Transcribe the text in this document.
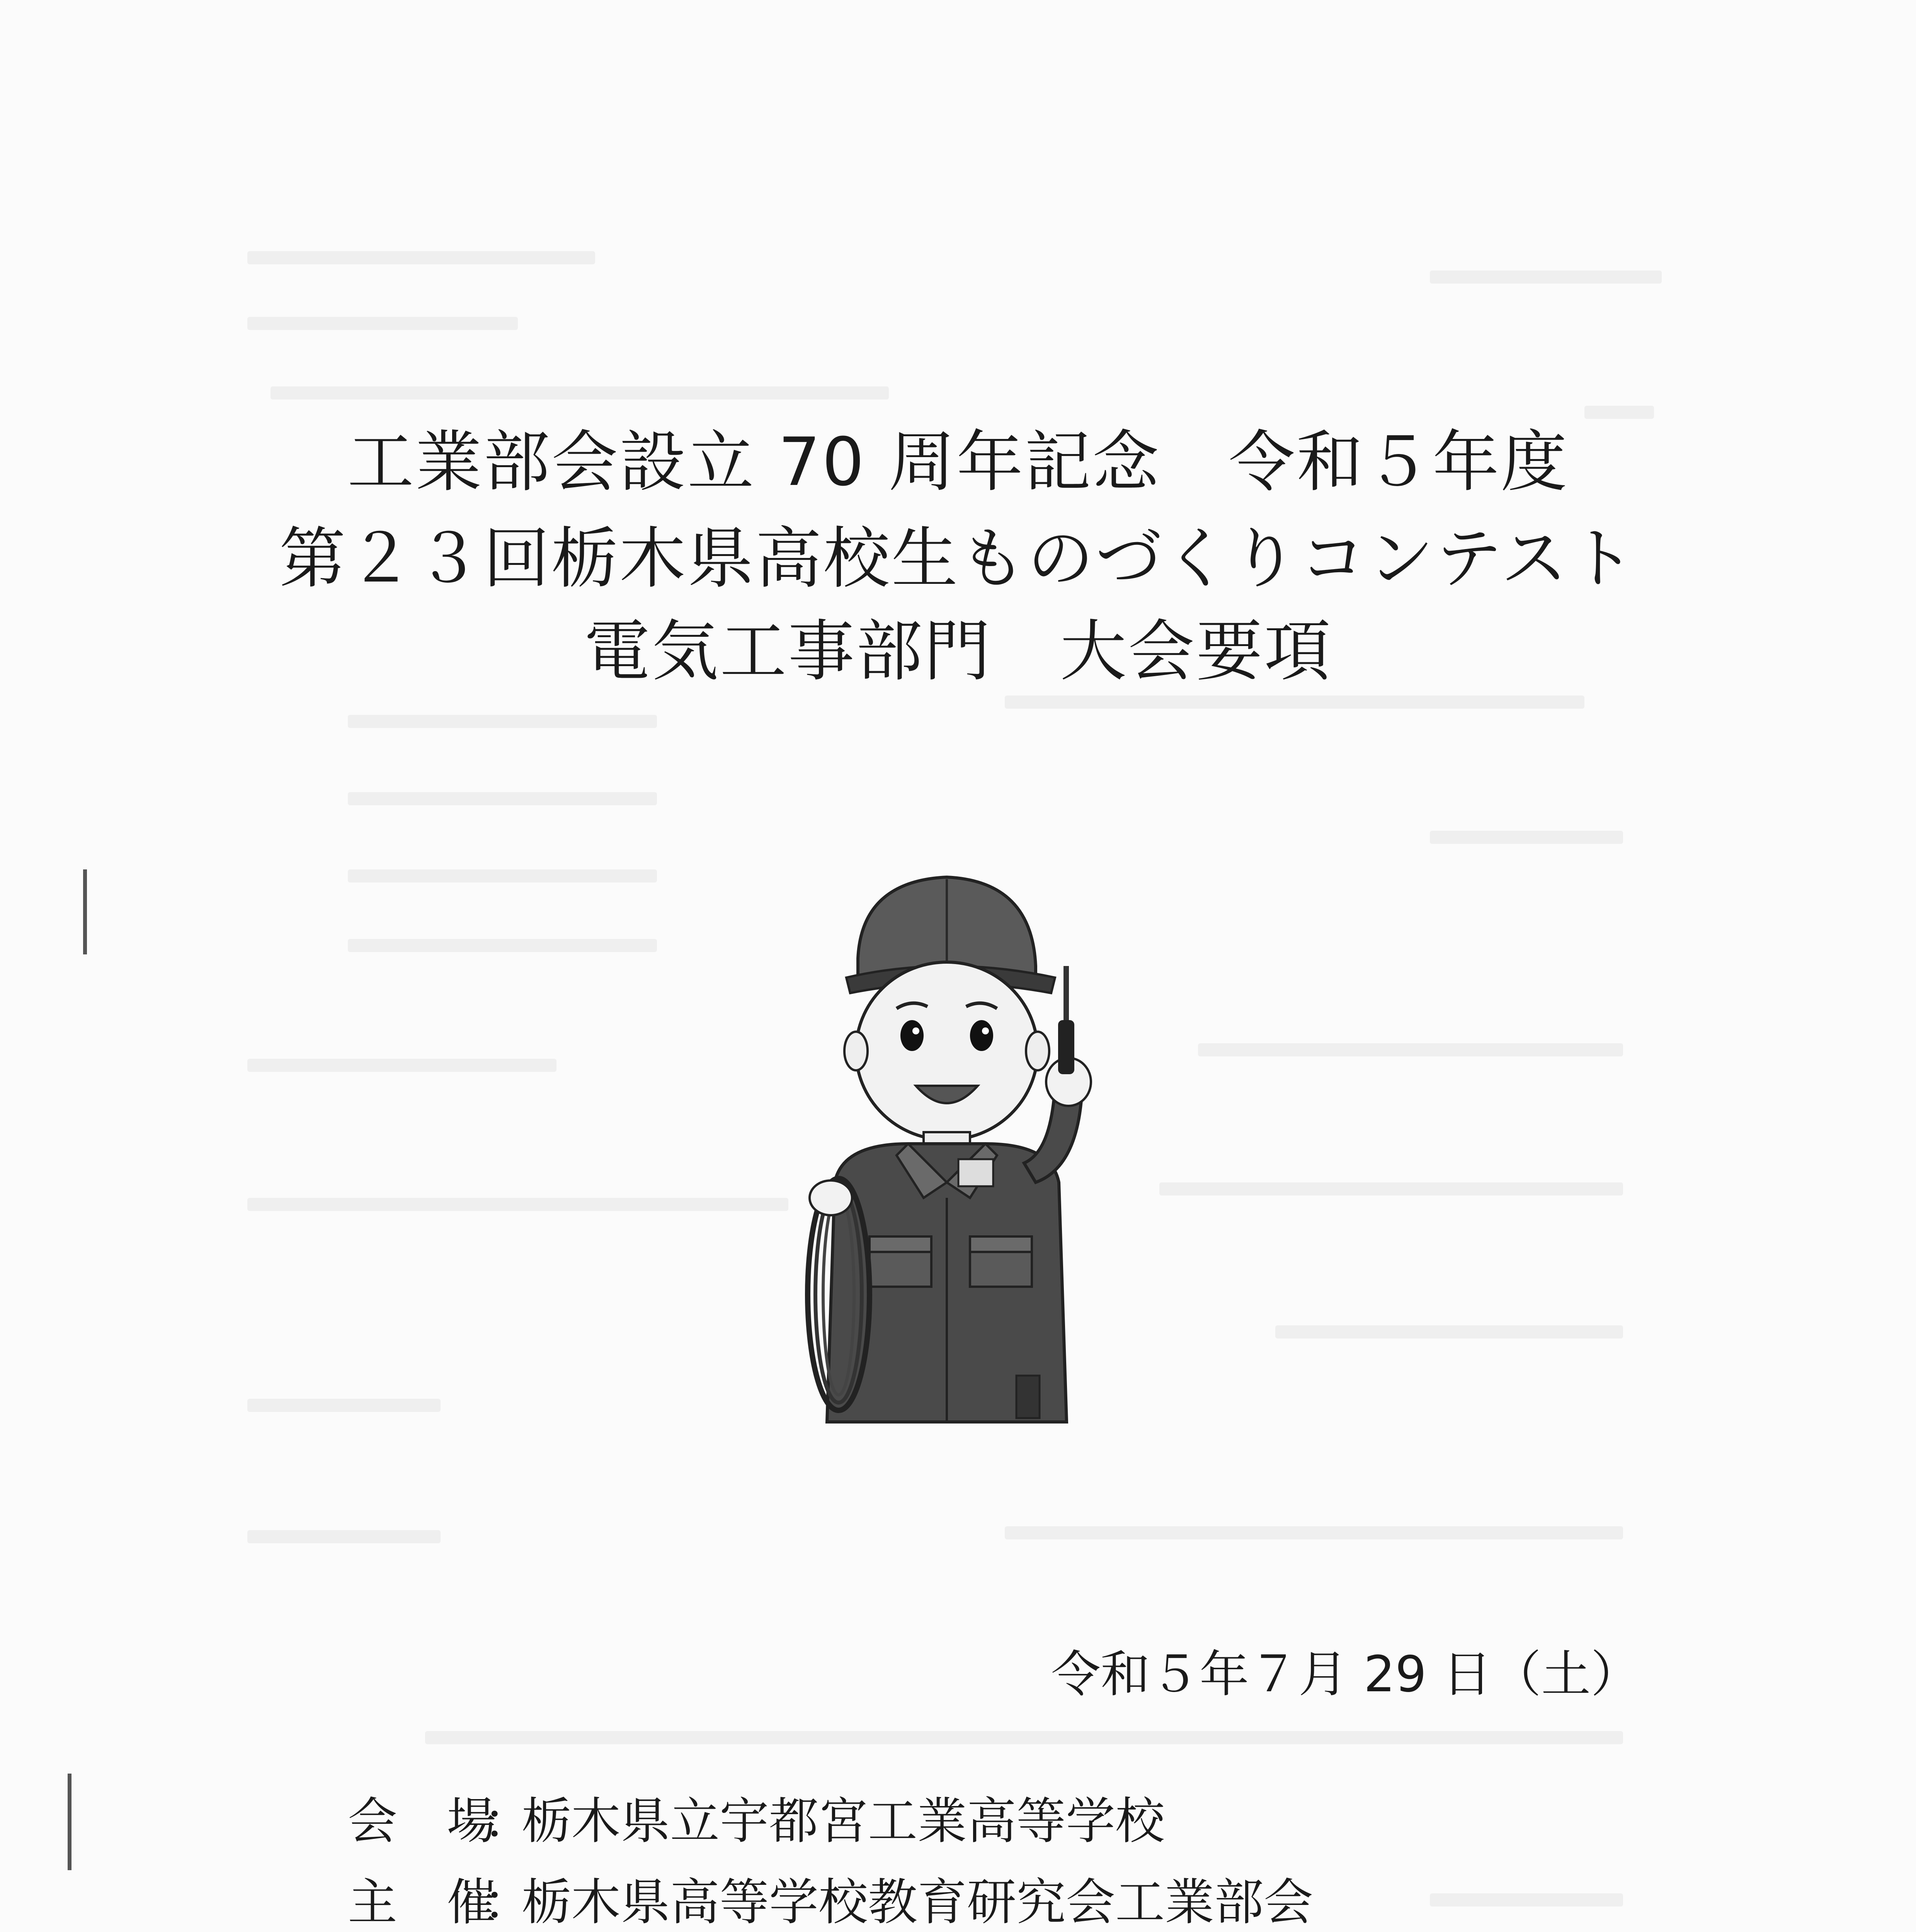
工業部会設立 70 周年記念　令和５年度
第２３回栃木県高校生ものづくりコンテスト
電気工事部門　大会要項
令和５年７月 29 日（土）
会　場：栃木県立宇都宮工業高等学校
主　催：栃木県高等学校教育研究会工業部会
